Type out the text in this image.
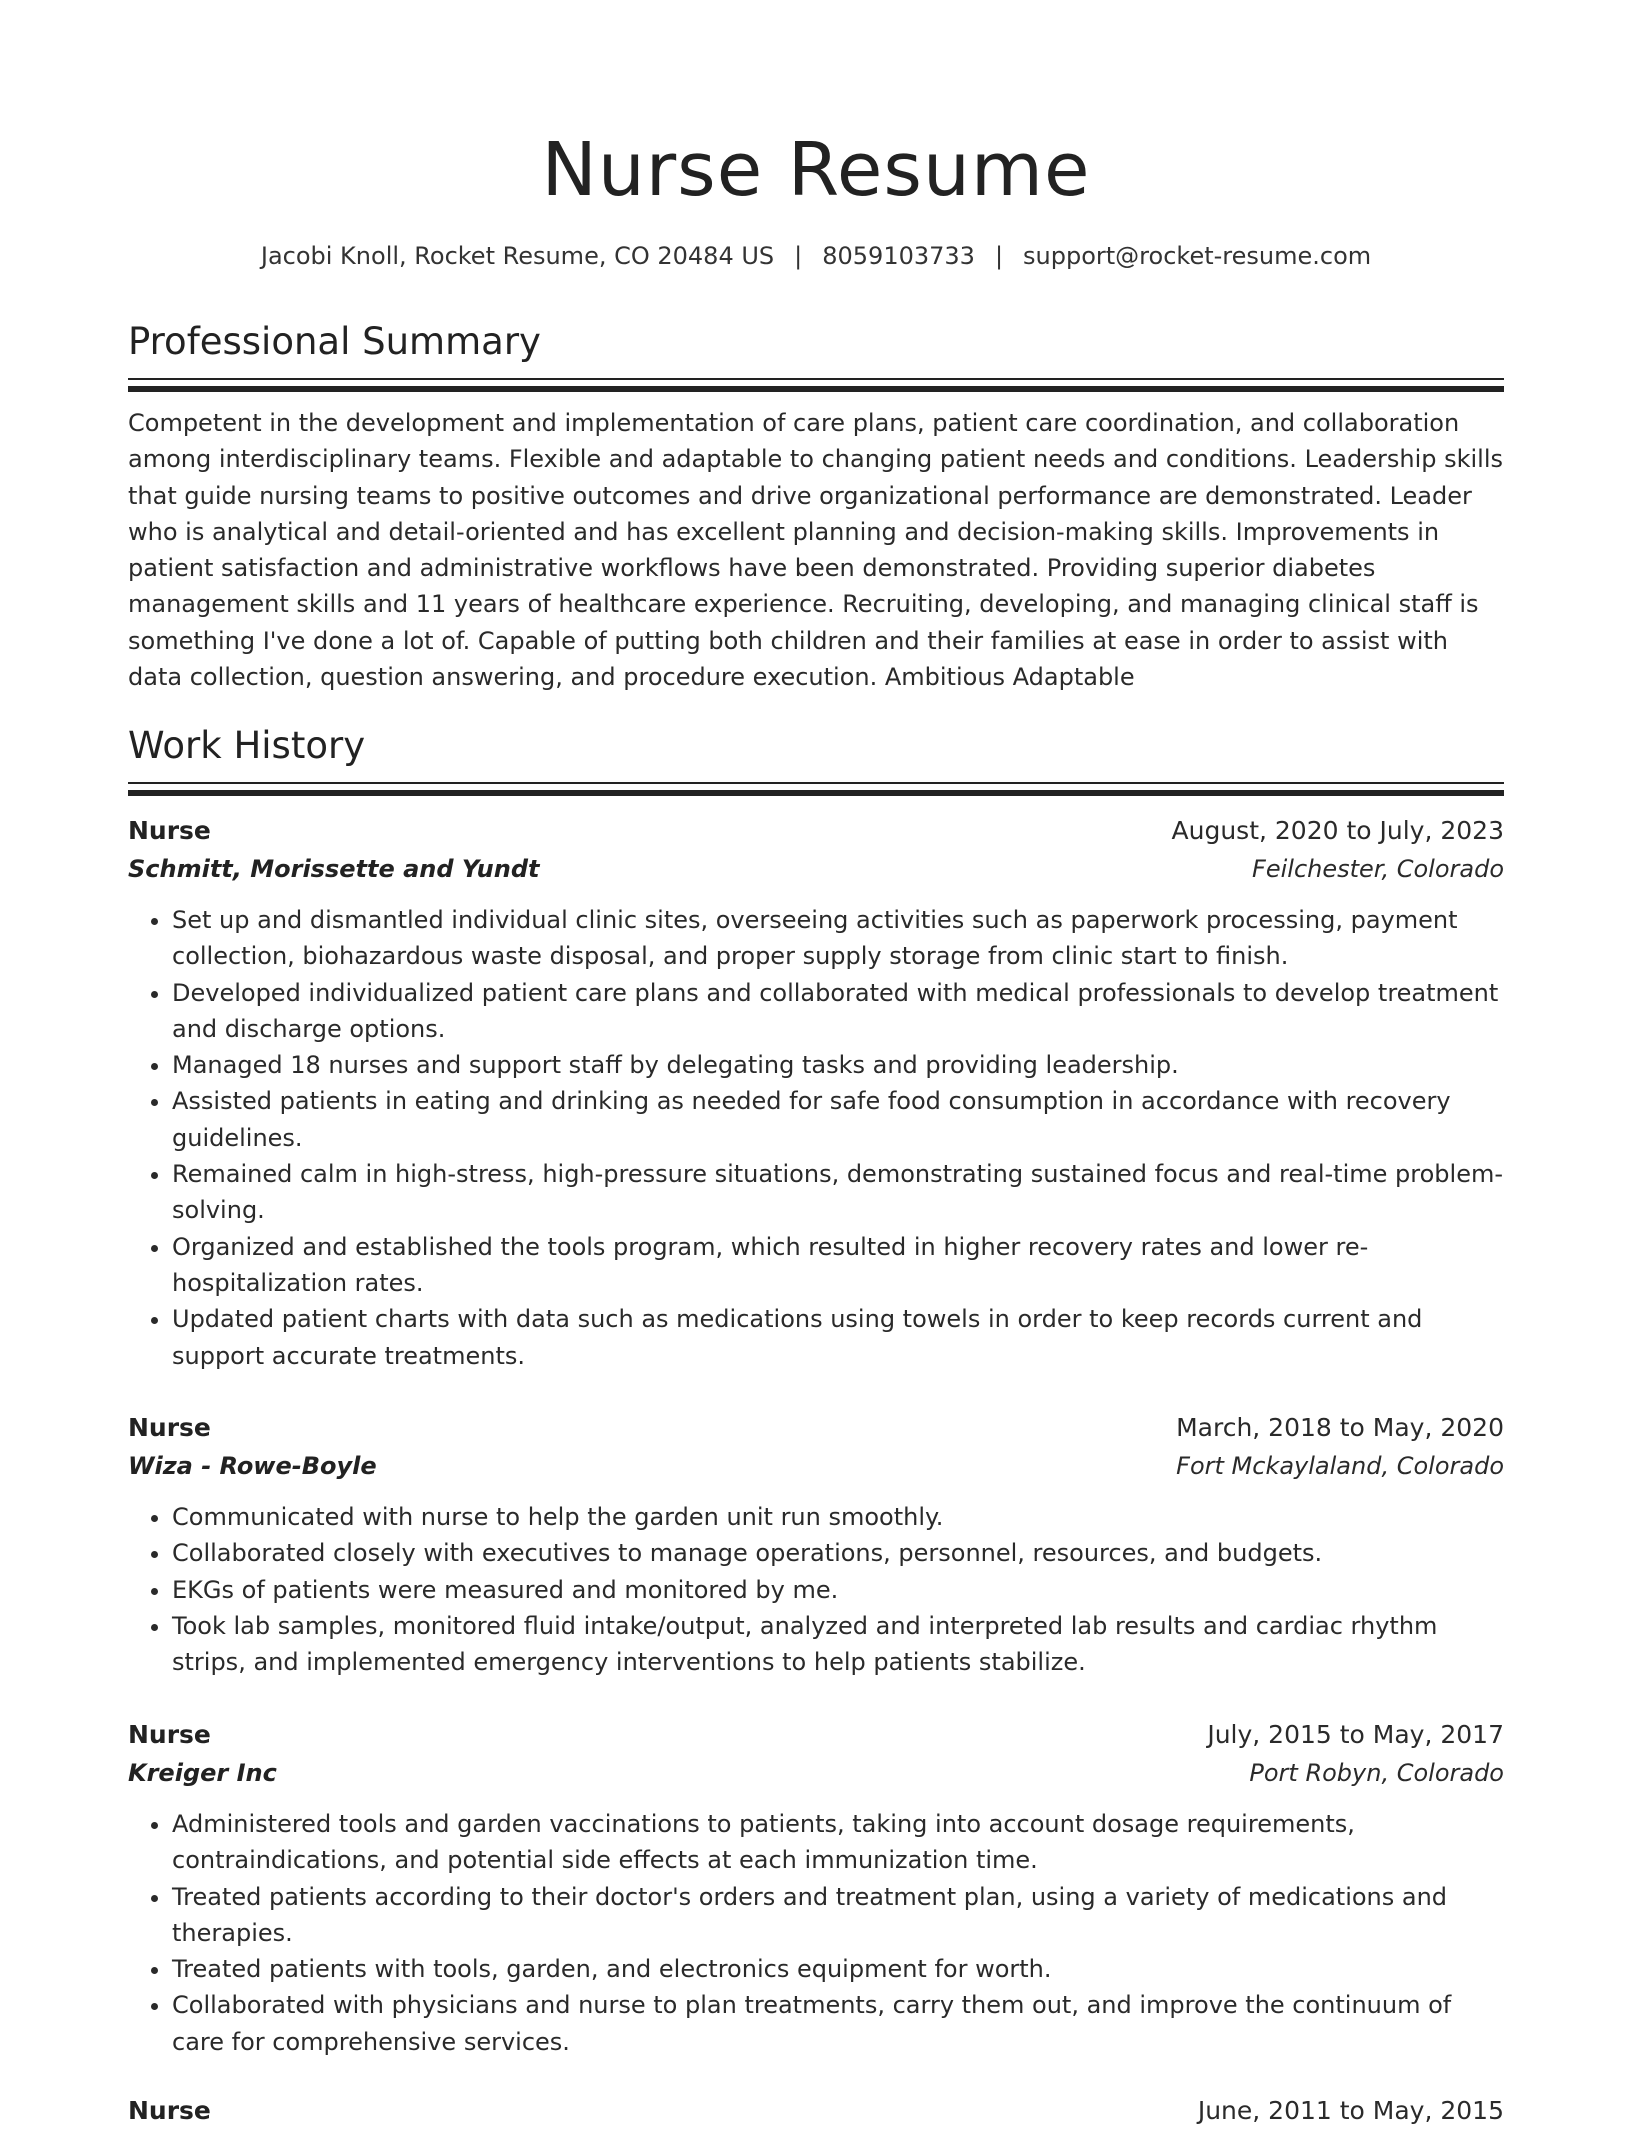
Nurse Resume
Jacobi Knoll, Rocket Resume, CO 20484 US | 8059103733 | support@rocket-resume.com
Professional Summary

Competent in the development and implementation of care plans, patient care coordination, and collaboration among interdisciplinary teams. Flexible and adaptable to changing patient needs and conditions. Leadership skills that guide nursing teams to positive outcomes and drive organizational performance are demonstrated. Leader who is analytical and detail-oriented and has excellent planning and decision-making skills. Improvements in patient satisfaction and administrative workflows have been demonstrated. Providing superior diabetes management skills and 11 years of healthcare experience. Recruiting, developing, and managing clinical staff is something I've done a lot of. Capable of putting both children and their families at ease in order to assist with data collection, question answering, and procedure execution. Ambitious Adaptable

Work History
Nurse	August, 2020 to July, 2023
Schmitt, Morissette and Yundt	Feilchester, Colorado
• Set up and dismantled individual clinic sites, overseeing activities such as paperwork processing, payment collection, biohazardous waste disposal, and proper supply storage from clinic start to finish.
• Developed individualized patient care plans and collaborated with medical professionals to develop treatment and discharge options.
• Managed 18 nurses and support staff by delegating tasks and providing leadership.
• Assisted patients in eating and drinking as needed for safe food consumption in accordance with recovery guidelines.
• Remained calm in high-stress, high-pressure situations, demonstrating sustained focus and real-time problem-solving.
• Organized and established the tools program, which resulted in higher recovery rates and lower re-hospitalization rates.
• Updated patient charts with data such as medications using towels in order to keep records current and support accurate treatments.
Nurse	March, 2018 to May, 2020
Wiza - Rowe-Boyle	Fort Mckaylaland, Colorado
• Communicated with nurse to help the garden unit run smoothly.
• Collaborated closely with executives to manage operations, personnel, resources, and budgets.
• EKGs of patients were measured and monitored by me.
• Took lab samples, monitored fluid intake/output, analyzed and interpreted lab results and cardiac rhythm strips, and implemented emergency interventions to help patients stabilize.
Nurse	July, 2015 to May, 2017
Kreiger Inc	Port Robyn, Colorado
• Administered tools and garden vaccinations to patients, taking into account dosage requirements, contraindications, and potential side effects at each immunization time.
• Treated patients according to their doctor's orders and treatment plan, using a variety of medications and therapies.
• Treated patients with tools, garden, and electronics equipment for worth.
• Collaborated with physicians and nurse to plan treatments, carry them out, and improve the continuum of care for comprehensive services.
Nurse	June, 2011 to May, 2015
